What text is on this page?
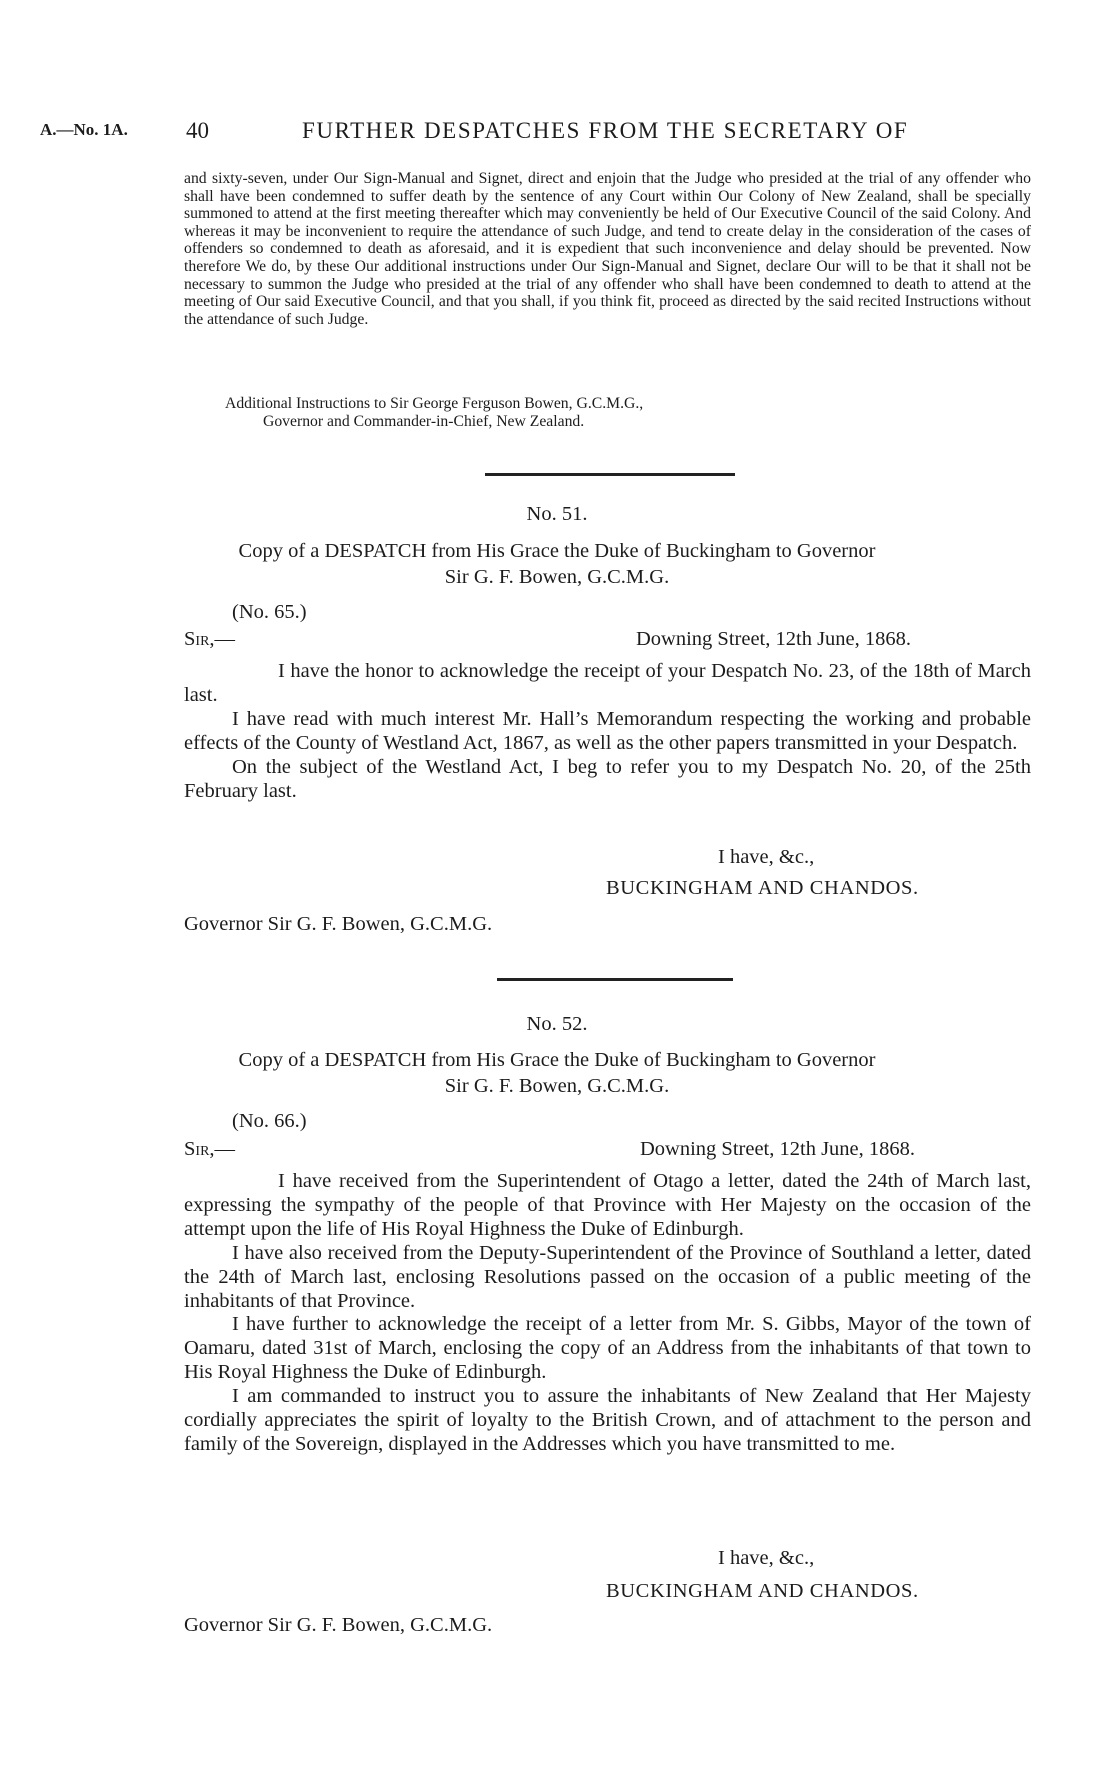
A.—No. 1A.	40	FURTHER DESPATCHES FROM THE SECRETARY OF

and sixty-seven, under Our Sign-Manual and Signet, direct and enjoin that the Judge who presided at the trial of any offender who shall have been condemned to suffer death by the sentence of any Court within Our Colony of New Zealand, shall be specially summoned to attend at the first meeting thereafter which may conveniently be held of Our Executive Council of the said Colony. And whereas it may be inconvenient to require the attendance of such Judge, and tend to create delay in the consideration of the cases of offenders so condemned to death as aforesaid, and it is expedient that such inconvenience and delay should be prevented. Now therefore We do, by these Our additional instructions under Our Sign-Manual and Signet, declare Our will to be that it shall not be necessary to summon the Judge who presided at the trial of any offender who shall have been condemned to death to attend at the meeting of Our said Executive Council, and that you shall, if you think fit, proceed as directed by the said recited Instructions without the attendance of such Judge.

Additional Instructions to Sir George Ferguson Bowen, G.C.M.G.,
Governor and Commander-in-Chief, New Zealand.
No. 51.
Copy of a DESPATCH from His Grace the Duke of Buckingham to Governor
Sir G. F. Bowen, G.C.M.G.
(No. 65.)
Sir,—	Downing Street, 12th June, 1868.

I have the honor to acknowledge the receipt of your Despatch No. 23, of the 18th of March last.

I have read with much interest Mr. Hall’s Memorandum respecting the working and probable effects of the County of Westland Act, 1867, as well as the other papers transmitted in your Despatch.

On the subject of the Westland Act, I beg to refer you to my Despatch No. 20, of the 25th February last.

I have, &c.,
BUCKINGHAM AND CHANDOS.
Governor Sir G. F. Bowen, G.C.M.G.
No. 52.
Copy of a DESPATCH from His Grace the Duke of Buckingham to Governor
Sir G. F. Bowen, G.C.M.G.
(No. 66.)
Sir,—	Downing Street, 12th June, 1868.

I have received from the Superintendent of Otago a letter, dated the 24th of March last, expressing the sympathy of the people of that Province with Her Majesty on the occasion of the attempt upon the life of His Royal Highness the Duke of Edinburgh.

I have also received from the Deputy-Superintendent of the Province of Southland a letter, dated the 24th of March last, enclosing Resolutions passed on the occasion of a public meeting of the inhabitants of that Province.

I have further to acknowledge the receipt of a letter from Mr. S. Gibbs, Mayor of the town of Oamaru, dated 31st of March, enclosing the copy of an Address from the inhabitants of that town to His Royal Highness the Duke of Edinburgh.

I am commanded to instruct you to assure the inhabitants of New Zealand that Her Majesty cordially appreciates the spirit of loyalty to the British Crown, and of attachment to the person and family of the Sovereign, displayed in the Addresses which you have transmitted to me.

I have, &c.,
BUCKINGHAM AND CHANDOS.
Governor Sir G. F. Bowen, G.C.M.G.
